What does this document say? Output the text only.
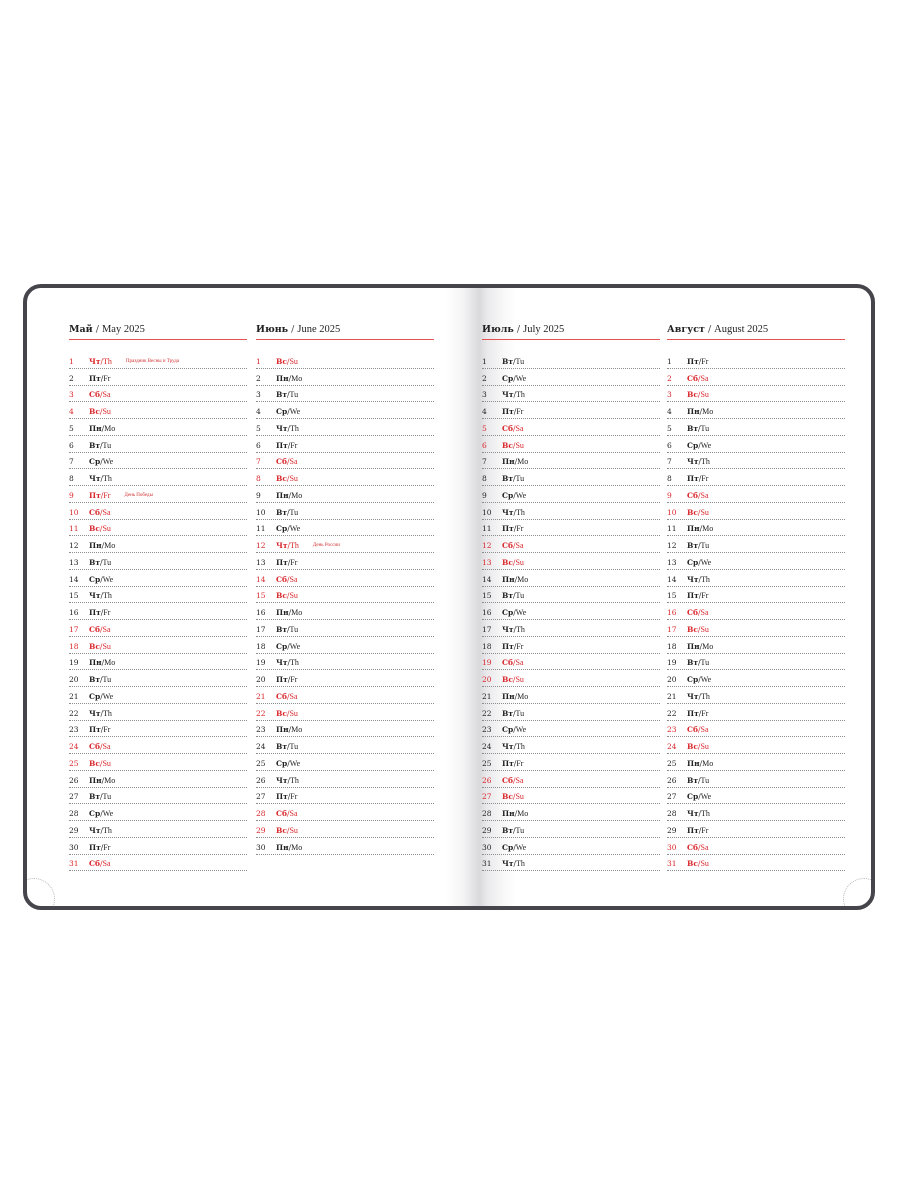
Май / May 2025
1	Чт / Th	Праздник Весны и Труда
2	Пт / Fr
3	Сб / Sa
4	Вс / Su
5	Пн / Mo
6	Вт / Tu
7	Ср / We
8	Чт / Th
9	Пт / Fr	День Победы
10	Сб / Sa
11	Вс / Su
12	Пн / Mo
13	Вт / Tu
14	Ср / We
15	Чт / Th
16	Пт / Fr
17	Сб / Sa
18	Вс / Su
19	Пн / Mo
20	Вт / Tu
21	Ср / We
22	Чт / Th
23	Пт / Fr
24	Сб / Sa
25	Вс / Su
26	Пн / Mo
27	Вт / Tu
28	Ср / We
29	Чт / Th
30	Пт / Fr
31	Сб / Sa
Июнь / June 2025
1	Вс / Su
2	Пн / Mo
3	Вт / Tu
4	Ср / We
5	Чт / Th
6	Пт / Fr
7	Сб / Sa
8	Вс / Su
9	Пн / Mo
10	Вт / Tu
11	Ср / We
12	Чт / Th	День России
13	Пт / Fr
14	Сб / Sa
15	Вс / Su
16	Пн / Mo
17	Вт / Tu
18	Ср / We
19	Чт / Th
20	Пт / Fr
21	Сб / Sa
22	Вс / Su
23	Пн / Mo
24	Вт / Tu
25	Ср / We
26	Чт / Th
27	Пт / Fr
28	Сб / Sa
29	Вс / Su
30	Пн / Mo
Июль / July 2025
1	Вт / Tu
2	Ср / We
3	Чт / Th
4	Пт / Fr
5	Сб / Sa
6	Вс / Su
7	Пн / Mo
8	Вт / Tu
9	Ср / We
10	Чт / Th
11	Пт / Fr
12	Сб / Sa
13	Вс / Su
14	Пн / Mo
15	Вт / Tu
16	Ср / We
17	Чт / Th
18	Пт / Fr
19	Сб / Sa
20	Вс / Su
21	Пн / Mo
22	Вт / Tu
23	Ср / We
24	Чт / Th
25	Пт / Fr
26	Сб / Sa
27	Вс / Su
28	Пн / Mo
29	Вт / Tu
30	Ср / We
31	Чт / Th
Август / August 2025
1	Пт / Fr
2	Сб / Sa
3	Вс / Su
4	Пн / Mo
5	Вт / Tu
6	Ср / We
7	Чт / Th
8	Пт / Fr
9	Сб / Sa
10	Вс / Su
11	Пн / Mo
12	Вт / Tu
13	Ср / We
14	Чт / Th
15	Пт / Fr
16	Сб / Sa
17	Вс / Su
18	Пн / Mo
19	Вт / Tu
20	Ср / We
21	Чт / Th
22	Пт / Fr
23	Сб / Sa
24	Вс / Su
25	Пн / Mo
26	Вт / Tu
27	Ср / We
28	Чт / Th
29	Пт / Fr
30	Сб / Sa
31	Вс / Su
